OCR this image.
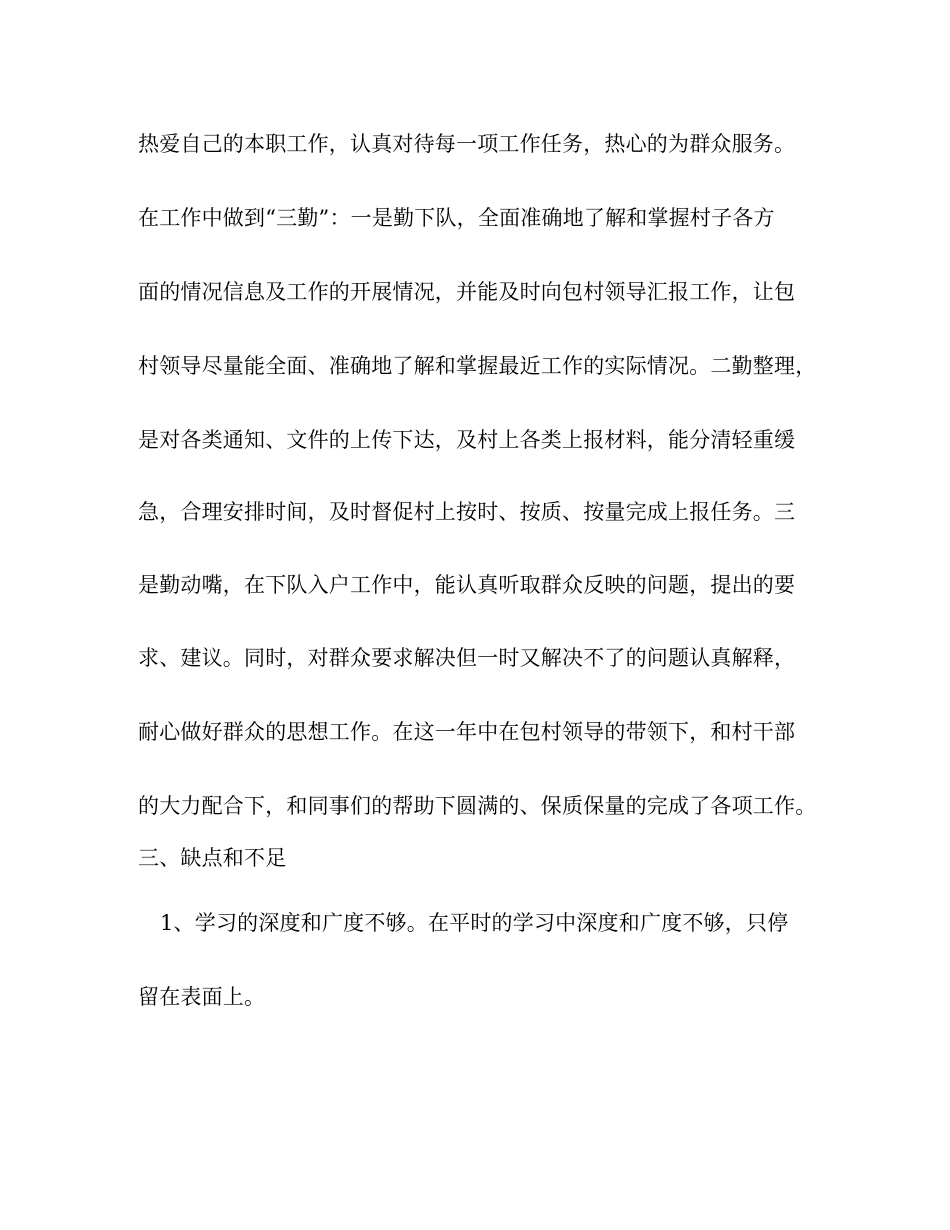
热爱自己的本职工作，认真对待每一项工作任务，热心的为群众服务。
在工作中做到“三勤”：一是勤下队，全面准确地了解和掌握村子各方
面的情况信息及工作的开展情况，并能及时向包村领导汇报工作，让包
村领导尽量能全面、准确地了解和掌握最近工作的实际情况。二勤整理，
是对各类通知、文件的上传下达，及村上各类上报材料，能分清轻重缓
急，合理安排时间，及时督促村上按时、按质、按量完成上报任务。三
是勤动嘴，在下队入户工作中，能认真听取群众反映的问题，提出的要
求、建议。同时，对群众要求解决但一时又解决不了的问题认真解释，
耐心做好群众的思想工作。在这一年中在包村领导的带领下，和村干部
的大力配合下，和同事们的帮助下圆满的、保质保量的完成了各项工作。
三、缺点和不足
1、学习的深度和广度不够。在平时的学习中深度和广度不够，只停
留在表面上。
